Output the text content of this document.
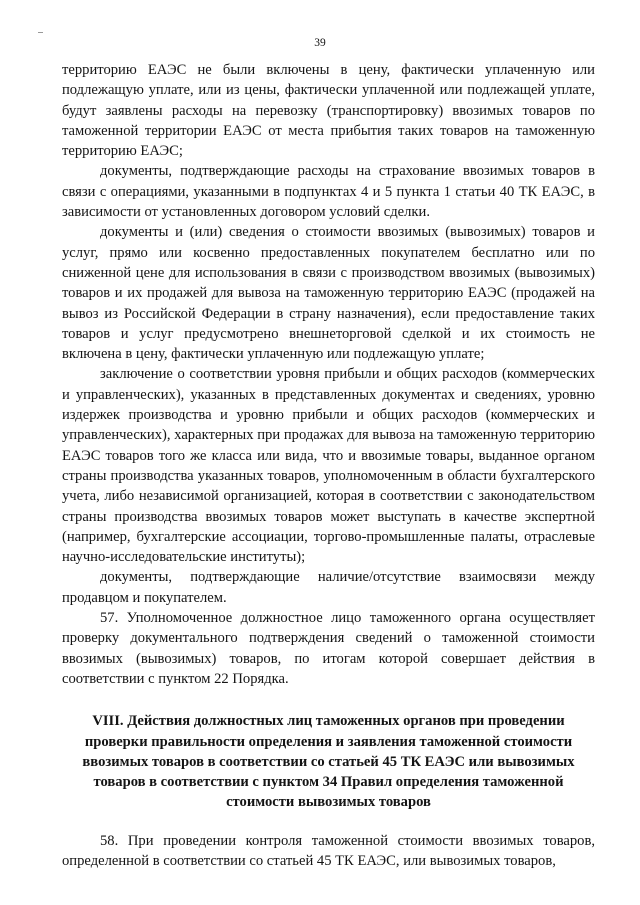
39

территорию ЕАЭС не были включены в цену, фактически уплаченную или подлежащую уплате, или из цены, фактически уплаченной или подлежащей уплате, будут заявлены расходы на перевозку (транспортировку) ввозимых товаров по таможенной территории ЕАЭС от места прибытия таких товаров на таможенную территорию ЕАЭС;

документы, подтверждающие расходы на страхование ввозимых товаров в связи с операциями, указанными в подпунктах 4 и 5 пункта 1 статьи 40 ТК ЕАЭС, в зависимости от установленных договором условий сделки.

документы и (или) сведения о стоимости ввозимых (вывозимых) товаров и услуг, прямо или косвенно предоставленных покупателем бесплатно или по сниженной цене для использования в связи с производством ввозимых (вывозимых) товаров и их продажей для вывоза на таможенную территорию ЕАЭС (продажей на вывоз из Российской Федерации в страну назначения), если предоставление таких товаров и услуг предусмотрено внешнеторговой сделкой и их стоимость не включена в цену, фактически уплаченную или подлежащую уплате;

заключение о соответствии уровня прибыли и общих расходов (коммерческих и управленческих), указанных в представленных документах и сведениях, уровню издержек производства и уровню прибыли и общих расходов (коммерческих и управленческих), характерных при продажах для вывоза на таможенную территорию ЕАЭС товаров того же класса или вида, что и ввозимые товары, выданное органом страны производства указанных товаров, уполномоченным в области бухгалтерского учета, либо независимой организацией, которая в соответствии с законодательством страны производства ввозимых товаров может выступать в качестве экспертной (например, бухгалтерские ассоциации, торгово-промышленные палаты, отраслевые научно-исследовательские институты);

документы, подтверждающие наличие/отсутствие взаимосвязи между продавцом и покупателем.

57. Уполномоченное должностное лицо таможенного органа осуществляет проверку документального подтверждения сведений о таможенной стоимости ввозимых (вывозимых) товаров, по итогам которой совершает действия в соответствии с пунктом 22 Порядка.

VIII. Действия должностных лиц таможенных органов при проведении проверки правильности определения и заявления таможенной стоимости ввозимых товаров в соответствии со статьей 45 ТК ЕАЭС или вывозимых товаров в соответствии с пунктом 34 Правил определения таможенной стоимости вывозимых товаров

58. При проведении контроля таможенной стоимости ввозимых товаров, определенной в соответствии со статьей 45 ТК ЕАЭС, или вывозимых товаров,
